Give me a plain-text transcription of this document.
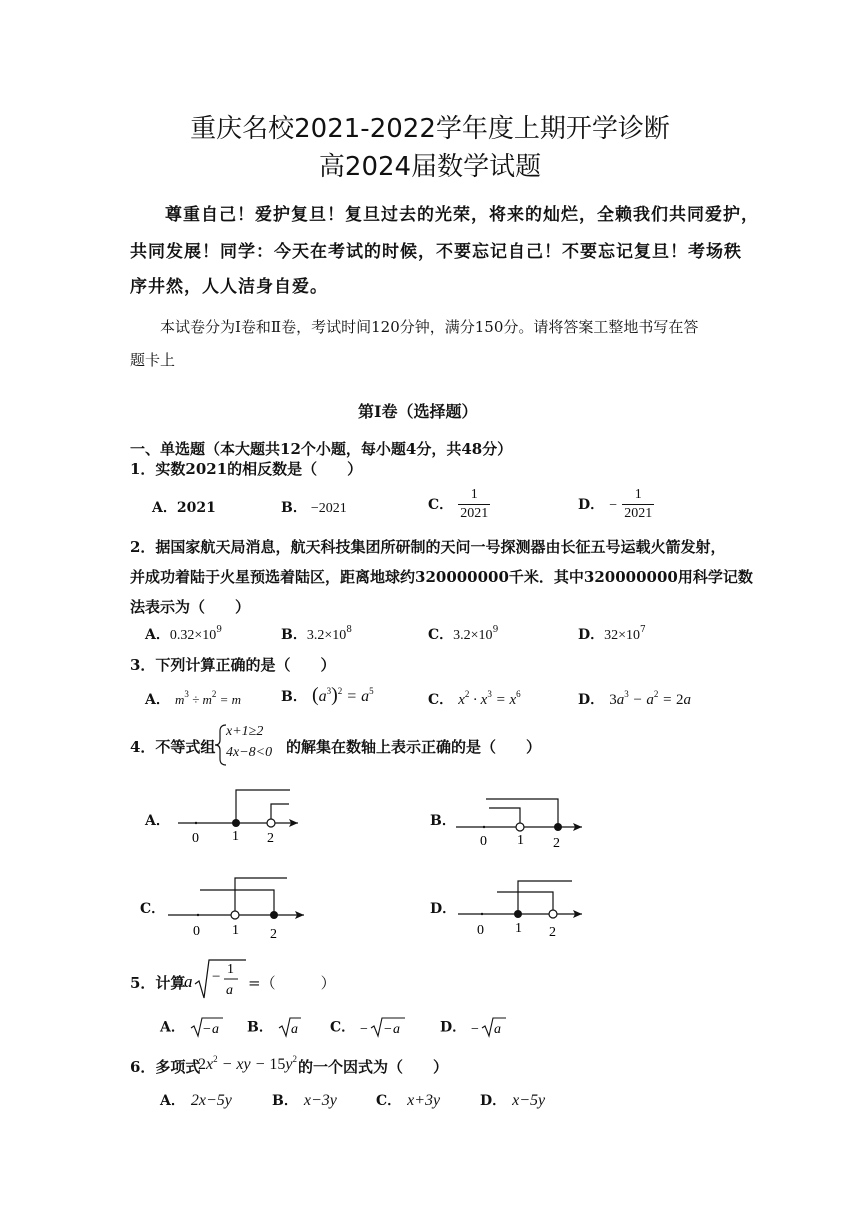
重庆名校2021-2022学年度上期开学诊断
高2024届数学试题
尊重自己！爱护复旦！复旦过去的光荣，将来的灿烂，全赖我们共同爱护，
共同发展！同学：今天在考试的时候，不要忘记自己！不要忘记复旦！考场秩
序井然，人人洁身自爱。
本试卷分为Ⅰ卷和Ⅱ卷，考试时间120分钟，满分150分。请将答案工整地书写在答
题卡上
第Ⅰ卷（选择题）
一、单选题（本大题共12个小题，每小题4分，共48分）
1．实数2021的相反数是（　　）
A．2021	B． −2021	C． $\frac{1}{2021}$	D． − $\frac{1}{2021}$
2．据国家航天局消息，航天科技集团所研制的天问一号探测器由长征五号运载火箭发射，
并成功着陆于火星预选着陆区，距离地球约320000000千米．其中320000000用科学记数
法表示为（　　）
A．$0.32\times 10^9$	B．$3.2\times 10^8$	C．$3.2\times 10^9$	D．$32\times 10^7$
3．下列计算正确的是（　　）
A． $m^3 \div m^2 = m$	B． $(a^3)^2 = a^5$
C． $x^2 \cdot x^3 = x^6$	D． $3a^3 - a^2 = 2a$
4．不等式组
x+1≥2
4x−8<0 的解集在数轴上表示正确的是（　　）
A．
0 1 2
B．
0 1 2
C．
0 1 2
D．
0 1 2
5．计算
a − 1
a =（　　　）
A． − a B． a C． − − a	D． − a
6．多项式
$2x^2$ − xy − $15y^2$ 的一个因式为（　　）
A． 2x−5y	B． x−3y	C． x+3y	D． x−5y
